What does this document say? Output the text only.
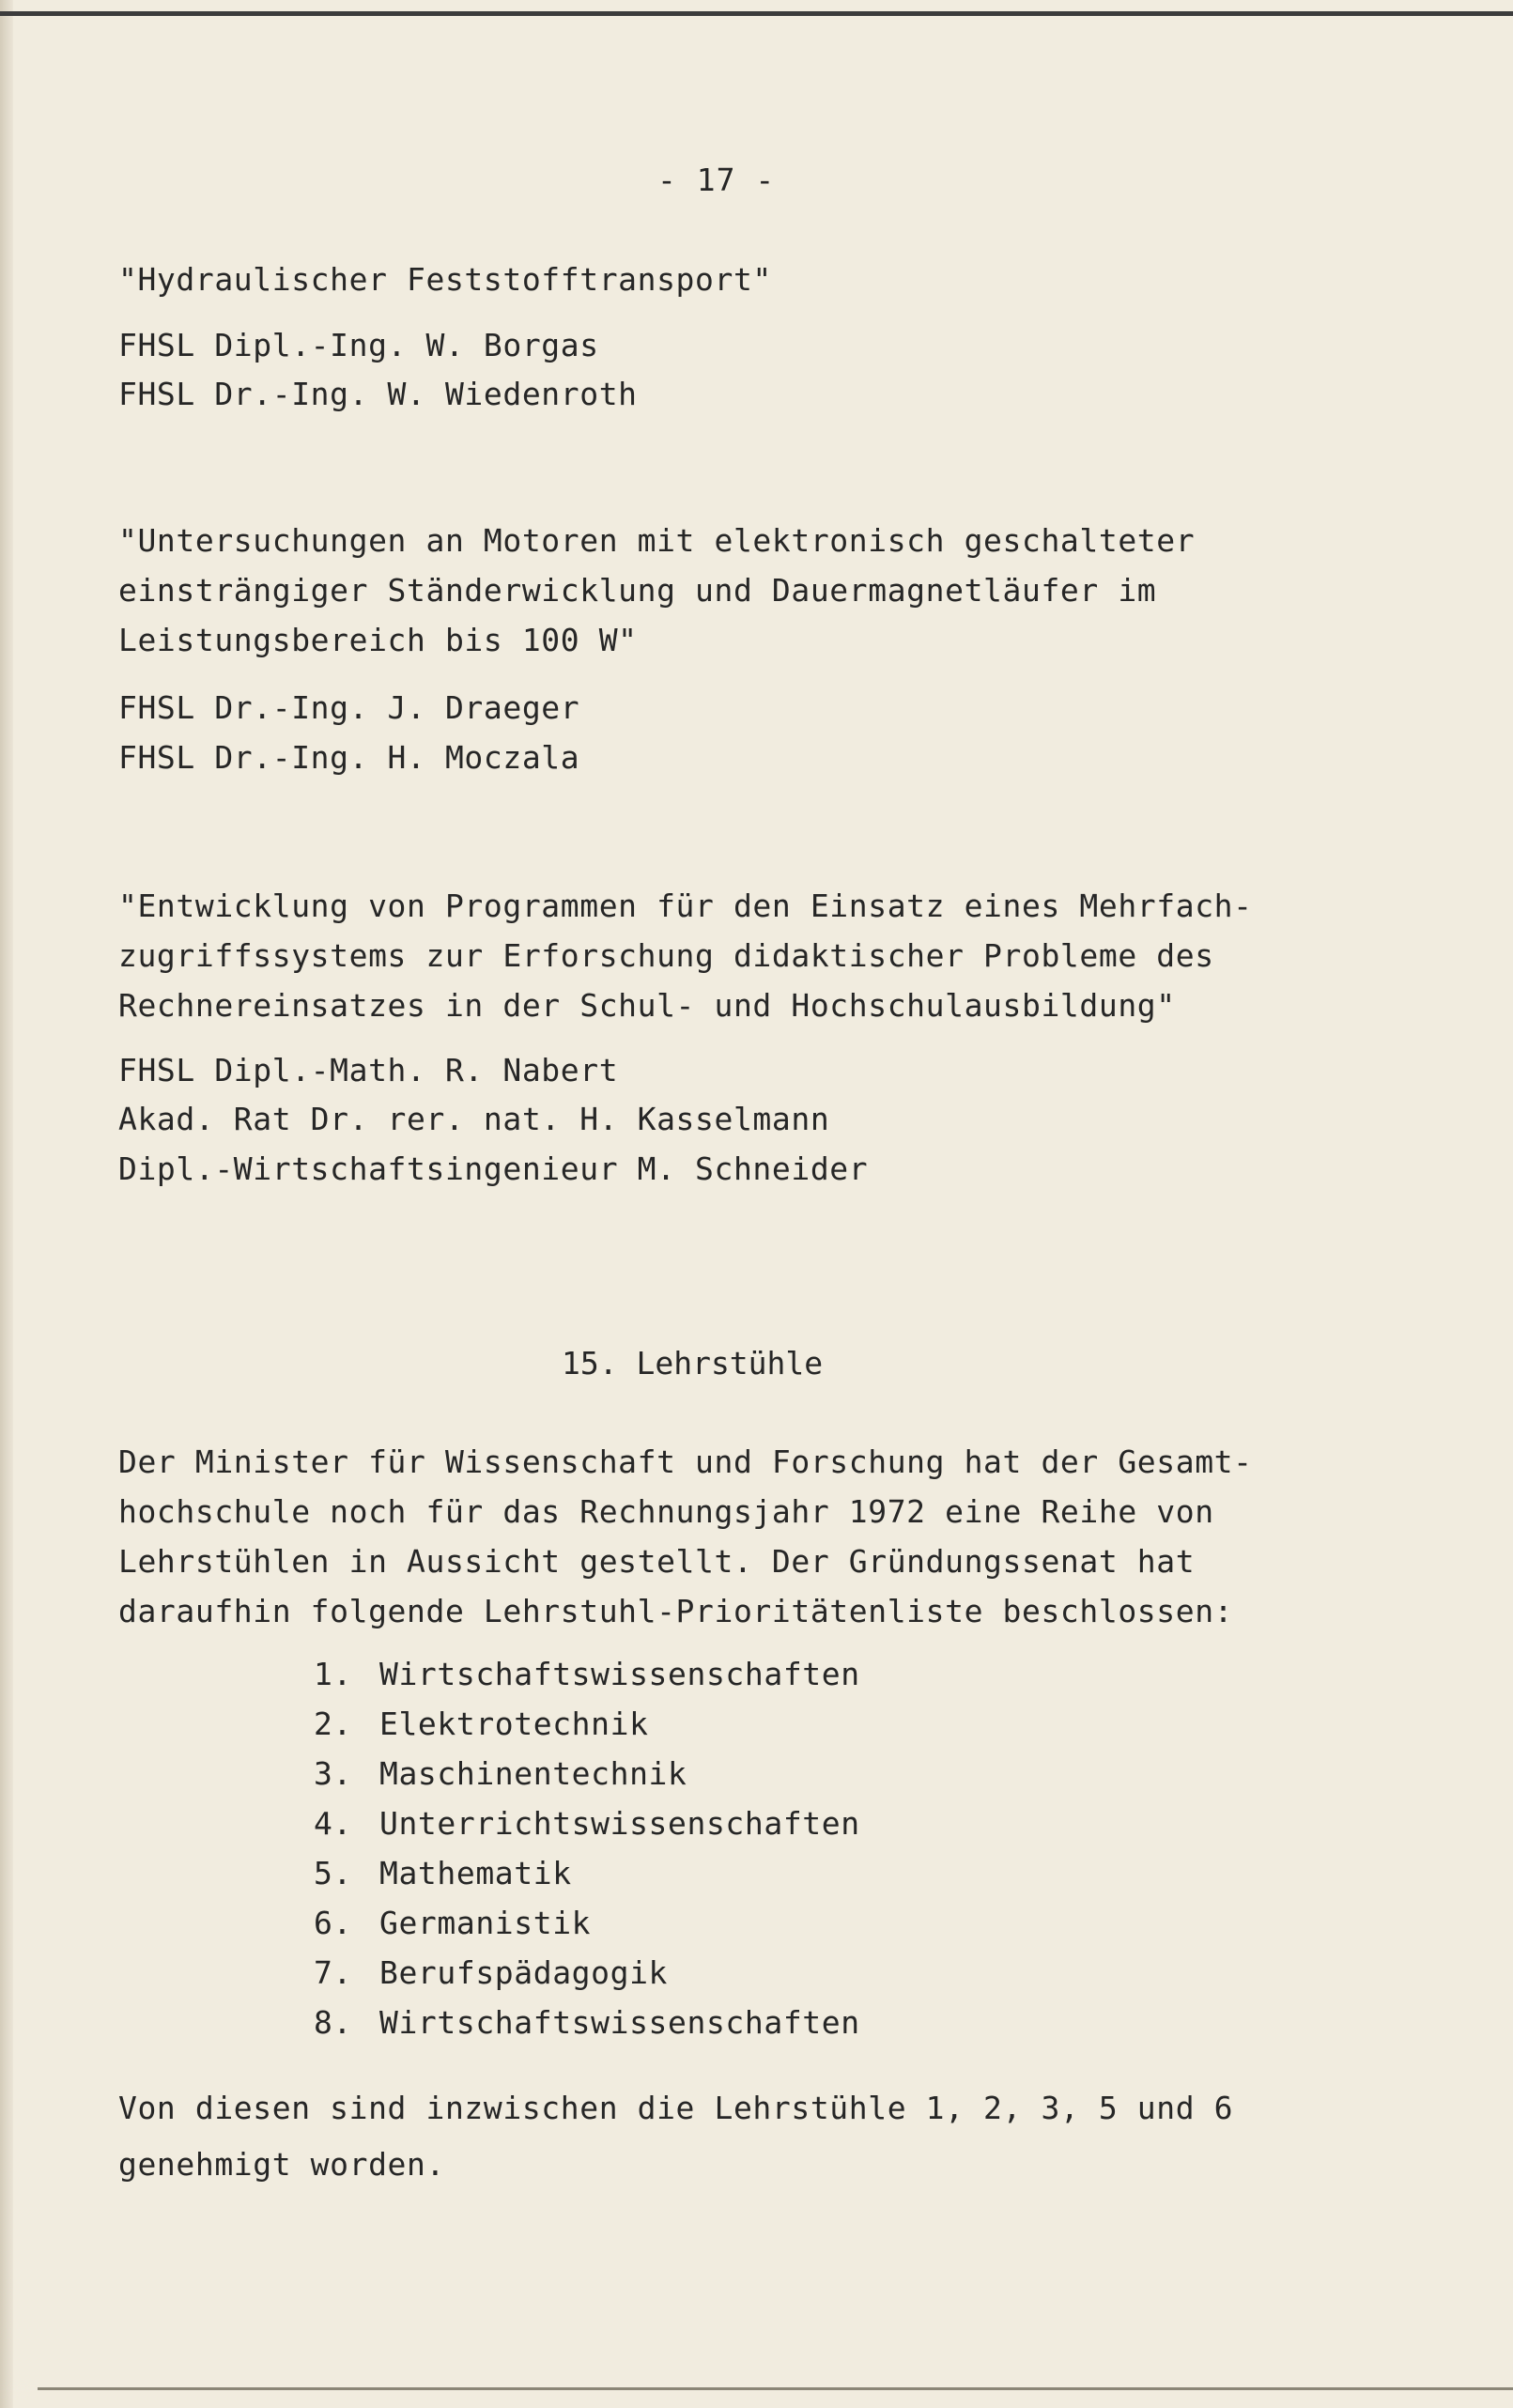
- 17 -

"Hydraulischer Feststofftransport"

FHSL Dipl.-Ing. W. Borgas

FHSL Dr.-Ing. W. Wiedenroth

"Untersuchungen an Motoren mit elektronisch geschalteter

einsträngiger Ständerwicklung und Dauermagnetläufer im

Leistungsbereich bis 100 W"

FHSL Dr.-Ing. J. Draeger

FHSL Dr.-Ing. H. Moczala

"Entwicklung von Programmen für den Einsatz eines Mehrfach-

zugriffssystems zur Erforschung didaktischer Probleme des

Rechnereinsatzes in der Schul- und Hochschulausbildung"

FHSL Dipl.-Math. R. Nabert

Akad. Rat Dr. rer. nat. H. Kasselmann

Dipl.-Wirtschaftsingenieur M. Schneider

15. Lehrstühle

Der Minister für Wissenschaft und Forschung hat der Gesamt-

hochschule noch für das Rechnungsjahr 1972 eine Reihe von

Lehrstühlen in Aussicht gestellt. Der Gründungssenat hat

daraufhin folgende Lehrstuhl-Prioritätenliste beschlossen:

1. Wirtschaftswissenschaften
2. Elektrotechnik
3. Maschinentechnik
4. Unterrichtswissenschaften
5. Mathematik
6. Germanistik
7. Berufspädagogik
8. Wirtschaftswissenschaften

Von diesen sind inzwischen die Lehrstühle 1, 2, 3, 5 und 6

genehmigt worden.
